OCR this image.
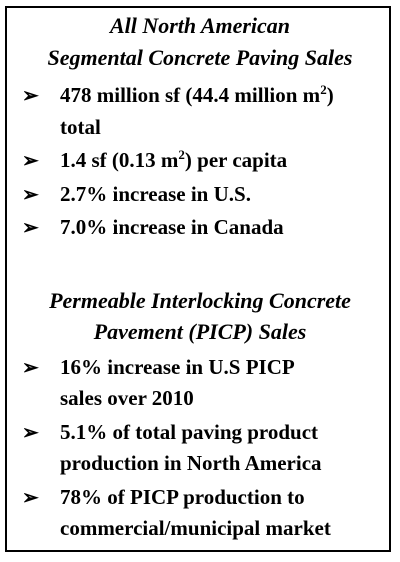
All North American
Segmental Concrete Paving Sales
➢ 478 million sf (44.4 million $m^2$)
total
➢ 1.4 sf (0.13 $m^2$) per capita
➢ 2.7% increase in U.S.
➢ 7.0% increase in Canada
Permeable Interlocking Concrete
Pavement (PICP) Sales
➢ 16% increase in U.S PICP
sales over 2010
➢ 5.1% of total paving product
production in North America
➢ 78% of PICP production to
commercial/municipal market
